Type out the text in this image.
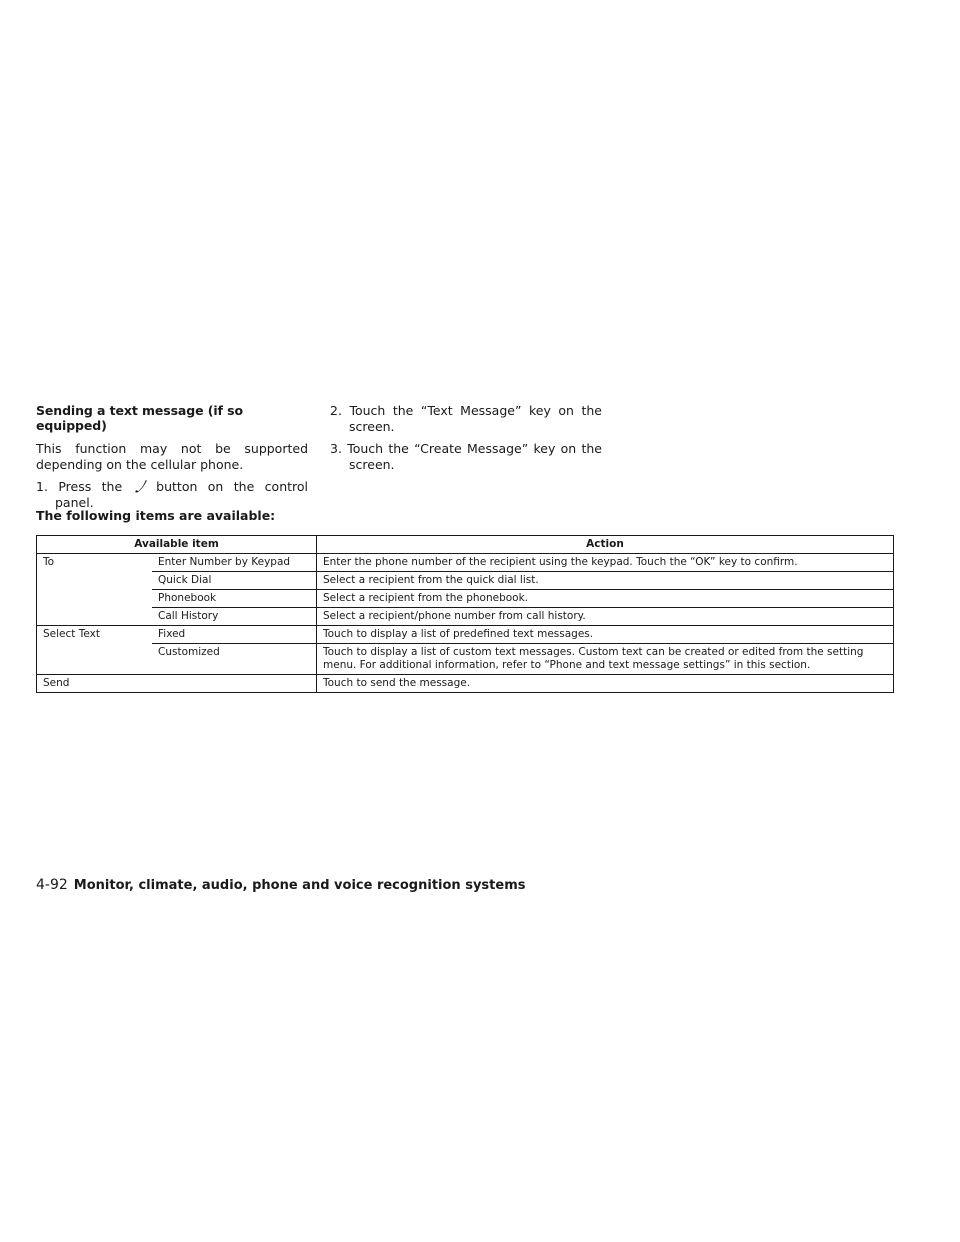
Sending a text message (if so equipped)

This function may not be supported depending on the cellular phone.

1. Press the	button on the control panel.
2. Touch the “Text Message” key on the screen.
3. Touch the “Create Message” key on the screen.
The following items are available:
Available item		Action
To	Enter Number by Keypad	Enter the phone number of the recipient using the keypad. Touch the “OK” key to confirm.
	Quick Dial	Select a recipient from the quick dial list.
	Phonebook	Select a recipient from the phonebook.
	Call History	Select a recipient/phone number from call history.
Select Text	Fixed	Touch to display a list of predefined text messages.
	Customized	Touch to display a list of custom text messages. Custom text can be created or edited from the setting menu. For additional information, refer to “Phone and text message settings” in this section.
Send		Touch to send the message.
4-92 Monitor, climate, audio, phone and voice recognition systems
